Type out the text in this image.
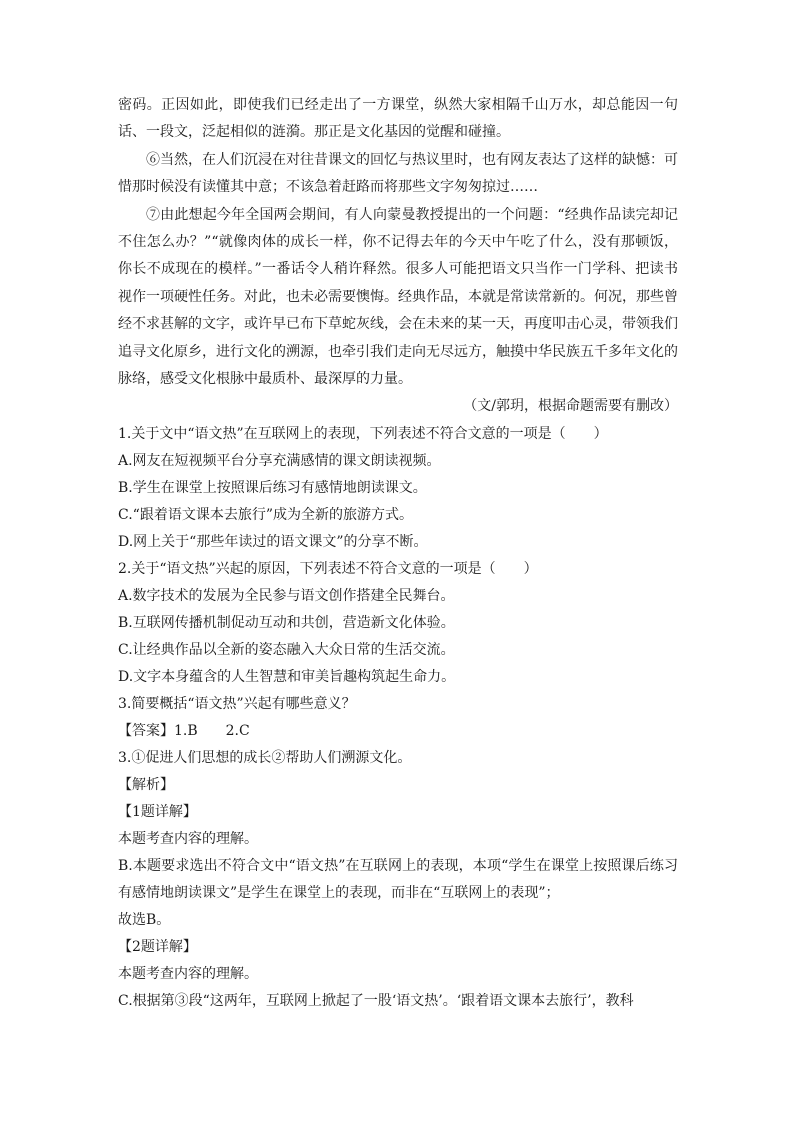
密码。正因如此，即使我们已经走出了一方课堂，纵然大家相隔千山万水，却总能因一句话、一段文，泛起相似的涟漪。那正是文化基因的觉醒和碰撞。

⑥当然，在人们沉浸在对往昔课文的回忆与热议里时，也有网友表达了这样的缺憾：可惜那时候没有读懂其中意；不该急着赶路而将那些文字匆匆掠过……

⑦由此想起今年全国两会期间，有人向蒙曼教授提出的一个问题：“经典作品读完却记不住怎么办？”“就像肉体的成长一样，你不记得去年的今天中午吃了什么，没有那顿饭，你长不成现在的模样。”一番话令人稍许释然。很多人可能把语文只当作一门学科、把读书视作一项硬性任务。对此，也未必需要懊悔。经典作品，本就是常读常新的。何况，那些曾经不求甚解的文字，或许早已布下草蛇灰线，会在未来的某一天，再度叩击心灵，带领我们追寻文化原乡，进行文化的溯源，也牵引我们走向无尽远方，触摸中华民族五千多年文化的脉络，感受文化根脉中最质朴、最深厚的力量。

（文/郭玥，根据命题需要有删改）

1.关于文中“语文热”在互联网上的表现，下列表述不符合文意的一项是（　　）

A.网友在短视频平台分享充满感情的课文朗读视频。

B.学生在课堂上按照课后练习有感情地朗读课文。

C.“跟着语文课本去旅行”成为全新的旅游方式。

D.网上关于“那些年读过的语文课文”的分享不断。

2.关于“语文热”兴起的原因，下列表述不符合文意的一项是（　　）

A.数字技术的发展为全民参与语文创作搭建全民舞台。

B.互联网传播机制促动互动和共创，营造新文化体验。

C.让经典作品以全新的姿态融入大众日常的生活交流。

D.文字本身蕴含的人生智慧和审美旨趣构筑起生命力。

3.简要概括“语文热”兴起有哪些意义？

【答案】1.B　　2.C

3.①促进人们思想的成长②帮助人们溯源文化。

【解析】

【1题详解】

本题考查内容的理解。

B.本题要求选出不符合文中“语文热”在互联网上的表现，本项“学生在课堂上按照课后练习有感情地朗读课文”是学生在课堂上的表现，而非在“互联网上的表现”；

故选B。

【2题详解】

本题考查内容的理解。

C.根据第③段“这两年，互联网上掀起了一股‘语文热’。‘跟着语文课本去旅行’，教科
